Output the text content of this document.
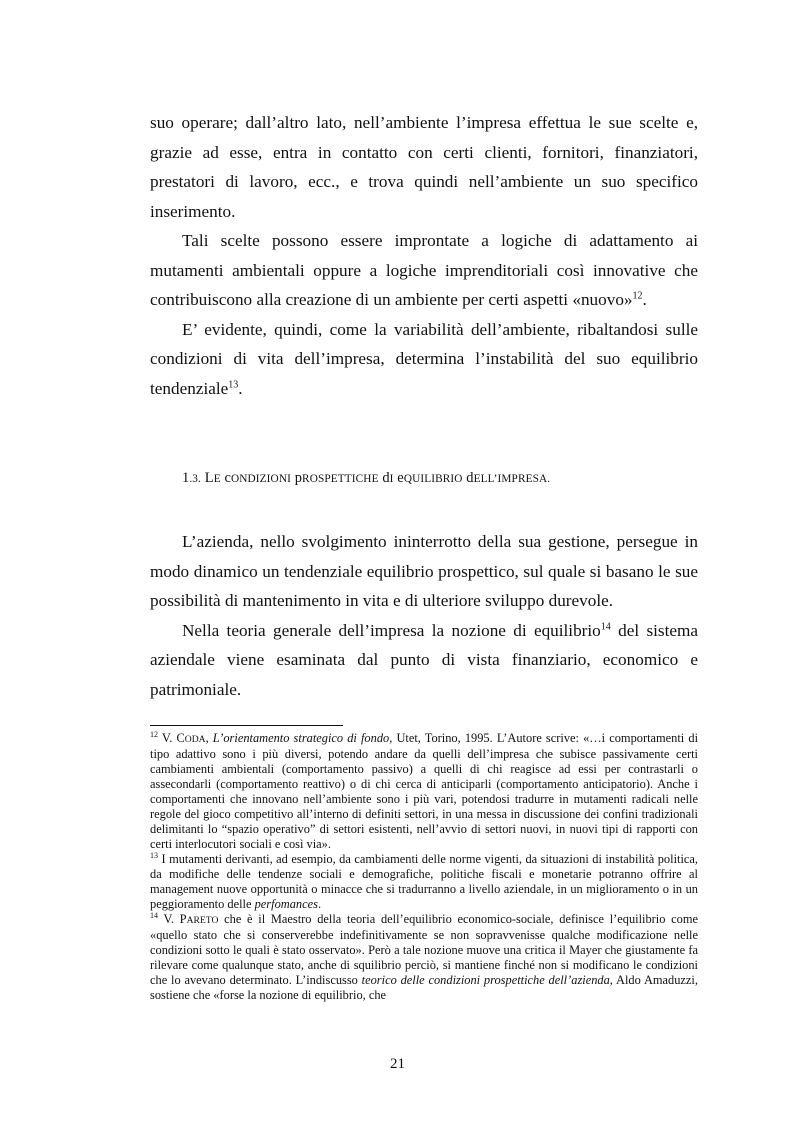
suo operare; dall’altro lato, nell’ambiente l’impresa effettua le sue scelte e, grazie ad esse, entra in contatto con certi clienti, fornitori, finanziatori, prestatori di lavoro, ecc., e trova quindi nell’ambiente un suo specifico inserimento.

Tali scelte possono essere improntate a logiche di adattamento ai mutamenti ambientali oppure a logiche imprenditoriali così innovative che contribuiscono alla creazione di un ambiente per certi aspetti «nuovo»$^{12}$.

E’ evidente, quindi, come la variabilità dell’ambiente, ribaltandosi sulle condizioni di vita dell’impresa, determina l’instabilità del suo equilibrio tendenziale$^{13}$.

1.3. LE cONDIZIONI pROSPETTICHE dI eQUILIBRIO dELL’IMPRESA.

L’azienda, nello svolgimento ininterrotto della sua gestione, persegue in modo dinamico un tendenziale equilibrio prospettico, sul quale si basano le sue possibilità di mantenimento in vita e di ulteriore sviluppo durevole.

Nella teoria generale dell’impresa la nozione di equilibrio$^{14}$ del sistema aziendale viene esaminata dal punto di vista finanziario, economico e patrimoniale.

$^{12}$ V. CODA, L’orientamento strategico di fondo, Utet, Torino, 1995. L’Autore scrive: «…i comportamenti di tipo adattivo sono i più diversi, potendo andare da quelli dell’impresa che subisce passivamente certi cambiamenti ambientali (comportamento passivo) a quelli di chi reagisce ad essi per contrastarli o assecondarli (comportamento reattivo) o di chi cerca di anticiparli (comportamento anticipatorio). Anche i comportamenti che innovano nell’ambiente sono i più vari, potendosi tradurre in mutamenti radicali nelle regole del gioco competitivo all’interno di definiti settori, in una messa in discussione dei confini tradizionali delimitanti lo “spazio operativo” di settori esistenti, nell’avvio di settori nuovi, in nuovi tipi di rapporti con certi interlocutori sociali e così via».

$^{13}$ I mutamenti derivanti, ad esempio, da cambiamenti delle norme vigenti, da situazioni di instabilità politica, da modifiche delle tendenze sociali e demografiche, politiche fiscali e monetarie potranno offrire al management nuove opportunità o minacce che si tradurranno a livello aziendale, in un miglioramento o in un peggioramento delle perfomances.

$^{14}$ V. PARETO che è il Maestro della teoria dell’equilibrio economico-sociale, definisce l’equilibrio come «quello stato che si conserverebbe indefinitivamente se non sopravvenisse qualche modificazione nelle condizioni sotto le quali è stato osservato». Però a tale nozione muove una critica il Mayer che giustamente fa rilevare come qualunque stato, anche di squilibrio perciò, si mantiene finché non si modificano le condizioni che lo avevano determinato. L’indiscusso teorico delle condizioni prospettiche dell’azienda, Aldo Amaduzzi, sostiene che «forse la nozione di equilibrio, che

21
